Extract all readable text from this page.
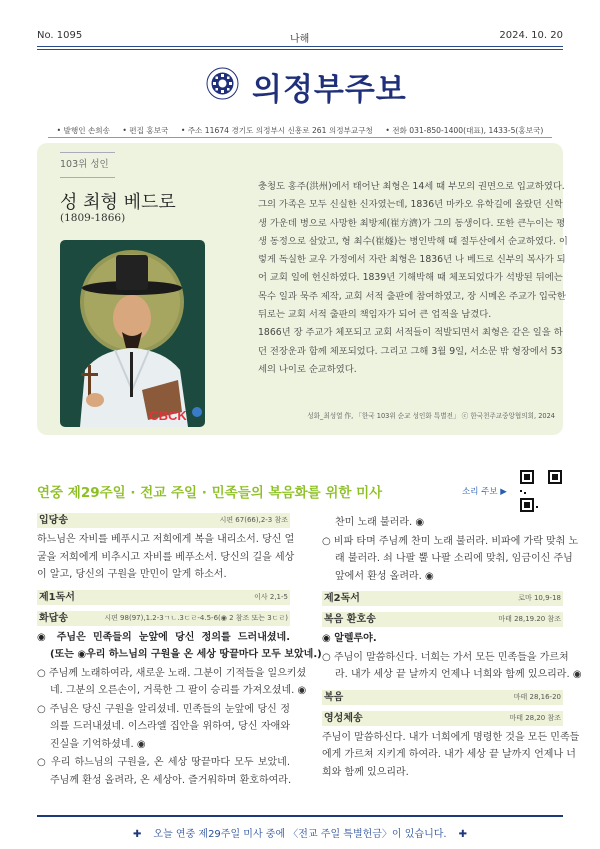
No. 1095	나해	2024. 10. 20
의정부주보
• 발행인 손희송 • 편집 홍보국 • 주소 11674 경기도 의정부시 신흥로 261 의정부교구청 • 전화 031-850-1400(대표), 1433-5(홍보국)
103위 성인
성 최형 베드로
(1809-1866)
CBCK
충청도 홍주(洪州)에서 태어난 최형은 14세 때 부모의 권면으로 입교하였다.
그의 가족은 모두 신실한 신자였는데, 1836년 마카오 유학길에 올랐던 신학
생 가운데 병으로 사망한 최방제(崔方濟)가 그의 동생이다. 또한 큰누이는 평
생 동정으로 살았고, 형 최수(崔燧)는 병인박해 때 절두산에서 순교하였다. 이
렇게 독실한 교우 가정에서 자란 최형은 1836년 나 베드로 신부의 복사가 되
어 교회 일에 헌신하였다. 1839년 기해박해 때 체포되었다가 석방된 뒤에는
목수 일과 묵주 제작, 교회 서적 출판에 참여하였고, 장 시메온 주교가 입국한
뒤로는 교회 서적 출판의 책임자가 되어 큰 업적을 남겼다.
1866년 장 주교가 체포되고 교회 서적들이 적발되면서 최형은 같은 일을 하
던 전장운과 함께 체포되었다. 그리고 그해 3월 9일, 서소문 밖 형장에서 53
세의 나이로 순교하였다.
성화_최성열 作, 「한국 103위 순교 성인화 특별전」 ⓒ 한국천주교중앙협의회, 2024
연중 제29주일 · 전교 주일 · 민족들의 복음화를 위한 미사	소리 주보 ▶
입당송	시편 67(66),2-3 참조
하느님은 자비를 베푸시고 저희에게 복을 내리소서. 당신 얼
굴을 저희에게 비추시고 자비를 베푸소서. 당신의 길을 세상
이 알고, 당신의 구원을 만민이 알게 하소서.
제1독서	이사 2,1-5
화답송	시편 98(97),1.2-3ㄱㄴ.3ㄷㄹ-4.5-6(◉ 2 참조 또는 3ㄷㄹ)
◉ 주님은 민족들의 눈앞에 당신 정의를 드러내셨네.
(또는 ◉우리 하느님의 구원을 온 세상 땅끝마다 모두 보았네.)
○ 주님께 노래하여라, 새로운 노래. 그분이 기적들을 일으키셨
네. 그분의 오른손이, 거룩한 그 팔이 승리를 가져오셨네. ◉
○ 주님은 당신 구원을 알리셨네. 민족들의 눈앞에 당신 정
의를 드러내셨네. 이스라엘 집안을 위하여, 당신 자애와
진실을 기억하셨네. ◉
○ 우리 하느님의 구원을, 온 세상 땅끝마다 모두 보았네.
주님께 환성 올려라, 온 세상아. 즐거워하며 환호하여라.
찬미 노래 불러라. ◉
○ 비파 타며 주님께 찬미 노래 불러라. 비파에 가락 맞춰 노
래 불러라. 쇠 나팔 뿔 나팔 소리에 맞춰, 임금이신 주님
앞에서 환성 올려라. ◉
제2독서	로마 10,9-18
복음 환호송	마태 28,19.20 참조
◉ 알렐루야.
○ 주님이 말씀하신다. 너희는 가서 모든 민족들을 가르쳐
라. 내가 세상 끝 날까지 언제나 너희와 함께 있으리라. ◉
복음	마태 28,16-20
영성체송	마태 28,20 참조
주님이 말씀하신다. 내가 너희에게 명령한 것을 모든 민족들
에게 가르쳐 지키게 하여라. 내가 세상 끝 날까지 언제나 너
희와 함께 있으리라.
✚ 오늘 연중 제29주일 미사 중에 〈전교 주일 특별헌금〉이 있습니다. ✚
